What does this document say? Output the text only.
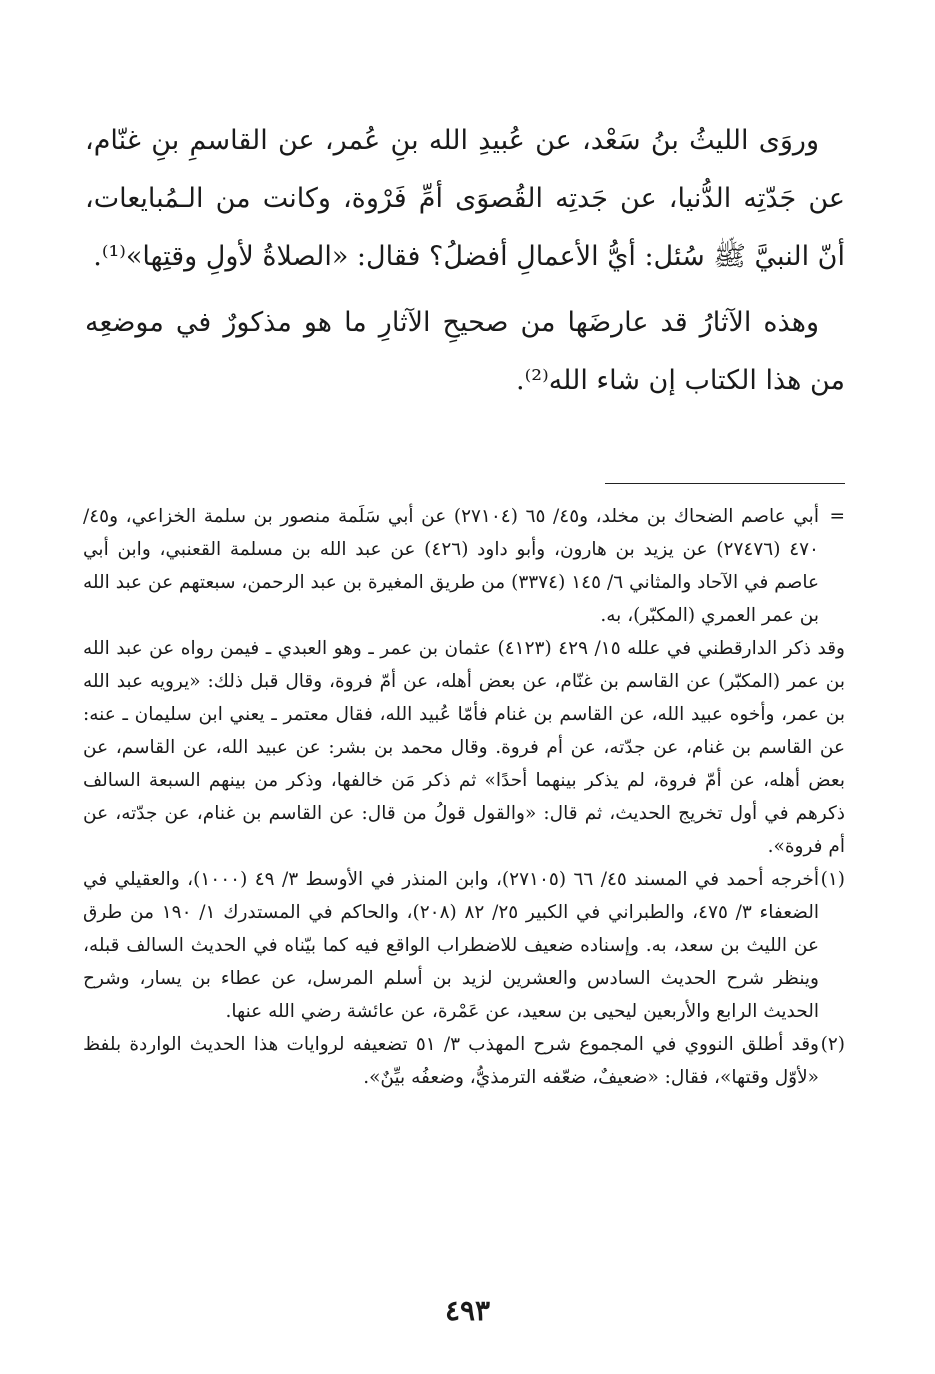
وروَى الليثُ بنُ سَعْد، عن عُبيدِ الله بنِ عُمر، عن القاسمِ بنِ غنّام، عن جَدّتِه الدُّنيا، عن جَدتِه القُصوَى أمِّ فَرْوة، وكانت من الـمُبايعات، أنّ النبيَّ ﷺ سُئل: أيُّ الأعمالِ أفضلُ؟ فقال: «الصلاةُ لأولِ وقتِها»⁽¹⁾.

وهذه الآثارُ قد عارضَها من صحيحِ الآثارِ ما هو مذكورٌ في موضعِه من هذا الكتاب إن شاء الله⁽²⁾.

=
أبي عاصم الضحاك بن مخلد، و٤٥/ ٦٥ (٢٧١٠٤) عن أبي سَلَمة منصور بن سلمة الخزاعي، و٤٥/ ٤٧٠ (٢٧٤٧٦) عن يزيد بن هارون، وأبو داود (٤٢٦) عن عبد الله بن مسلمة القعنبي، وابن أبي عاصم في الآحاد والمثاني ٦/ ١٤٥ (٣٣٧٤) من طريق المغيرة بن عبد الرحمن، سبعتهم عن عبد الله بن عمر العمري (المكبّر)، به.

وقد ذكر الدارقطني في علله ١٥/ ٤٢٩ (٤١٢٣) عثمان بن عمر ـ وهو العبدي ـ فيمن رواه عن عبد الله بن عمر (المكبّر) عن القاسم بن غنّام، عن بعض أهله، عن أمّ فروة، وقال قبل ذلك: «يرويه عبد الله بن عمر، وأخوه عبيد الله، عن القاسم بن غنام فأمّا عُبيد الله، فقال معتمر ـ يعني ابن سليمان ـ عنه: عن القاسم بن غنام، عن جدّته، عن أم فروة. وقال محمد بن بشر: عن عبيد الله، عن القاسم، عن بعض أهله، عن أمّ فروة، لم يذكر بينهما أحدًا» ثم ذكر مَن خالفها، وذكر من بينهم السبعة السالف ذكرهم في أول تخريج الحديث، ثم قال: «والقول قولُ من قال: عن القاسم بن غنام، عن جدّته، عن أم فروة».

(١)
أخرجه أحمد في المسند ٤٥/ ٦٦ (٢٧١٠٥)، وابن المنذر في الأوسط ٣/ ٤٩ (١٠٠٠)، والعقيلي في الضعفاء ٣/ ٤٧٥، والطبراني في الكبير ٢٥/ ٨٢ (٢٠٨)، والحاكم في المستدرك ١/ ١٩٠ من طرق عن الليث بن سعد، به. وإسناده ضعيف للاضطراب الواقع فيه كما بيّناه في الحديث السالف قبله، وينظر شرح الحديث السادس والعشرين لزيد بن أسلم المرسل، عن عطاء بن يسار، وشرح الحديث الرابع والأربعين ليحيى بن سعيد، عن عَمْرة، عن عائشة رضي الله عنها.

(٢)
وقد أطلق النووي في المجموع شرح المهذب ٣/ ٥١ تضعيفه لروايات هذا الحديث الواردة بلفظ «لأوّل وقتها»، فقال: «ضعيفٌ، ضعّفه الترمذيُّ، وضعفُه بيِّنٌ».

٤٩٣
